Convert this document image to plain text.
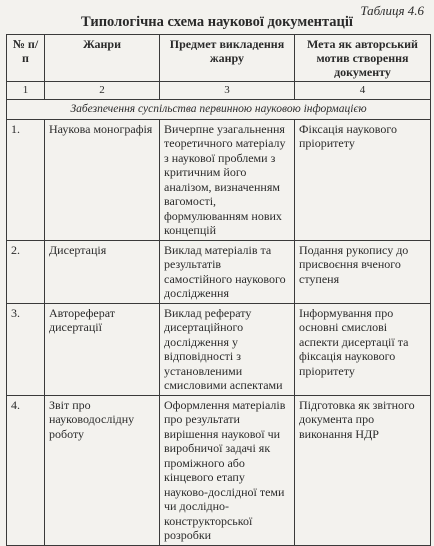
Таблиця 4.6
Типологічна схема наукової документації
№ п/п	Жанри	Предмет викладення жанру	Мета як авторський мотив створення документу
1	2	3	4
Забезпечення суспільства первинною науковою інформацією			
1.	Наукова монографія	Вичерпне узагальнення теоретичного матеріалу з наукової проблеми з критичним його аналізом, визначенням вагомості, формулюванням нових концепцій	Фіксація наукового пріоритету
2.	Дисертація	Виклад матеріалів та результатів самостійного наукового дослідження	Подання рукопису до присвоєння вченого ступеня
3.	Автореферат дисертації	Виклад реферату дисертаційного дослідження у відповідності з установленими смисловими аспектами	Інформування про основні смислові аспекти дисертації та фіксація наукового пріоритету
4.	Звіт про науководослідну роботу	Оформлення матеріалів про результати вирішення наукової чи виробничої задачі як проміжного або кінцевого етапу науково-дослідної теми чи дослідно-конструкторської розробки	Підготовка як звітного документа про виконання НДР
